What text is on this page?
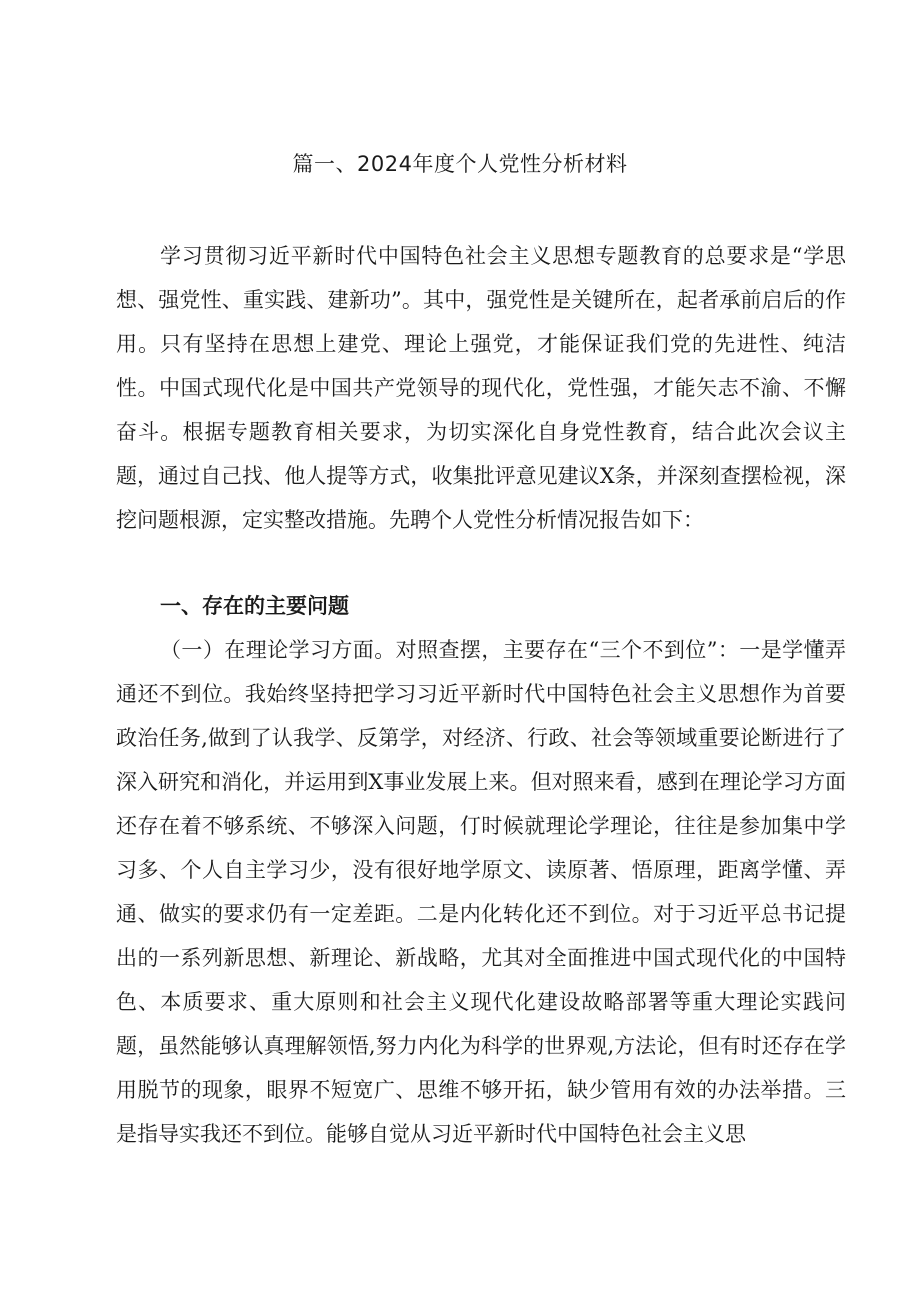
篇一、2024年度个人党性分析材料

学习贯彻习近平新时代中国特色社会主义思想专题教育的总要求是“学思想、强党性、重实践、建新功”。其中，强党性是关键所在，起者承前启后的作用。只有坚持在思想上建党、理论上强党，才能保证我们党的先进性、纯洁性。中国式现代化是中国共产党领导的现代化，党性强，才能矢志不渝、不懈奋斗。根据专题教育相关要求，为切实深化自身党性教育，结合此次会议主题，通过自己找、他人提等方式，收集批评意见建议X条，并深刻查摆检视，深挖问题根源，定实整改措施。先聘个人党性分析情况报告如下：

一、存在的主要问题

（一）在理论学习方面。对照查摆，主要存在“三个不到位”：一是学懂弄通还不到位。我始终坚持把学习习近平新时代中国特色社会主义思想作为首要政治任务,做到了认我学、反第学，对经济、行政、社会等领域重要论断进行了深入研究和消化，并运用到X事业发展上来。但对照来看，感到在理论学习方面还存在着不够系统、不够深入问题，仃时候就理论学理论，往往是参加集中学习多、个人自主学习少，没有很好地学原文、读原著、悟原理，距离学懂、弄通、做实的要求仍有一定差距。二是内化转化还不到位。对于习近平总书记提出的一系列新思想、新理论、新战略，尤其对全面推进中国式现代化的中国特色、本质要求、重大原则和社会主义现代化建设故略部署等重大理论实践问题，虽然能够认真理解领悟,努力内化为科学的世界观,方法论，但有时还存在学用脱节的现象，眼界不短宽广、思维不够开拓，缺少管用有效的办法举措。三是指导实我还不到位。能够自觉从习近平新时代中国特色社会主义思
